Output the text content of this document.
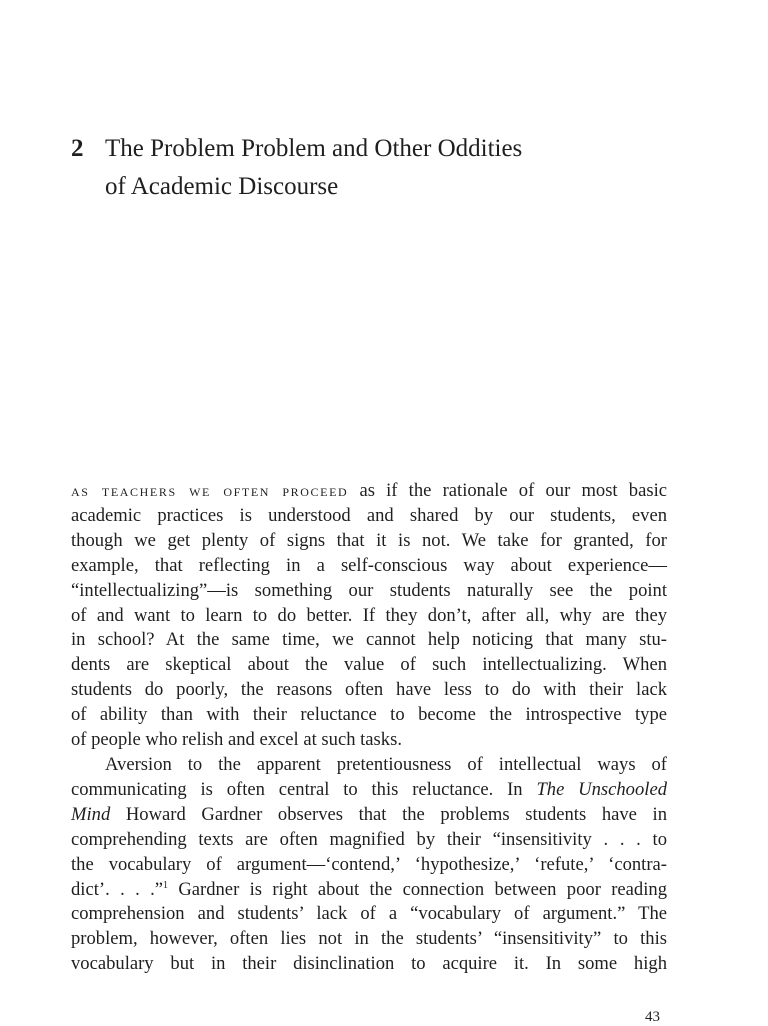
2 The Problem Problem and Other Oddities
of Academic Discourse
as teachers we often proceed as if the rationale of our most basic
academic practices is understood and shared by our students, even
though we get plenty of signs that it is not. We take for granted, for
example, that reflecting in a self-conscious way about experience—
“intellectualizing”—is something our students naturally see the point
of and want to learn to do better. If they don’t, after all, why are they
in school? At the same time, we cannot help noticing that many stu-
dents are skeptical about the value of such intellectualizing. When
students do poorly, the reasons often have less to do with their lack
of ability than with their reluctance to become the introspective type
of people who relish and excel at such tasks.
Aversion to the apparent pretentiousness of intellectual ways of
communicating is often central to this reluctance. In The Unschooled
Mind Howard Gardner observes that the problems students have in
comprehending texts are often magnified by their “insensitivity . . . to
the vocabulary of argument—‘contend,’ ‘hypothesize,’ ‘refute,’ ‘contra-
dict’. . . .”$^1$ Gardner is right about the connection between poor reading
comprehension and students’ lack of a “vocabulary of argument.” The
problem, however, often lies not in the students’ “insensitivity” to this
vocabulary but in their disinclination to acquire it. In some high
43
